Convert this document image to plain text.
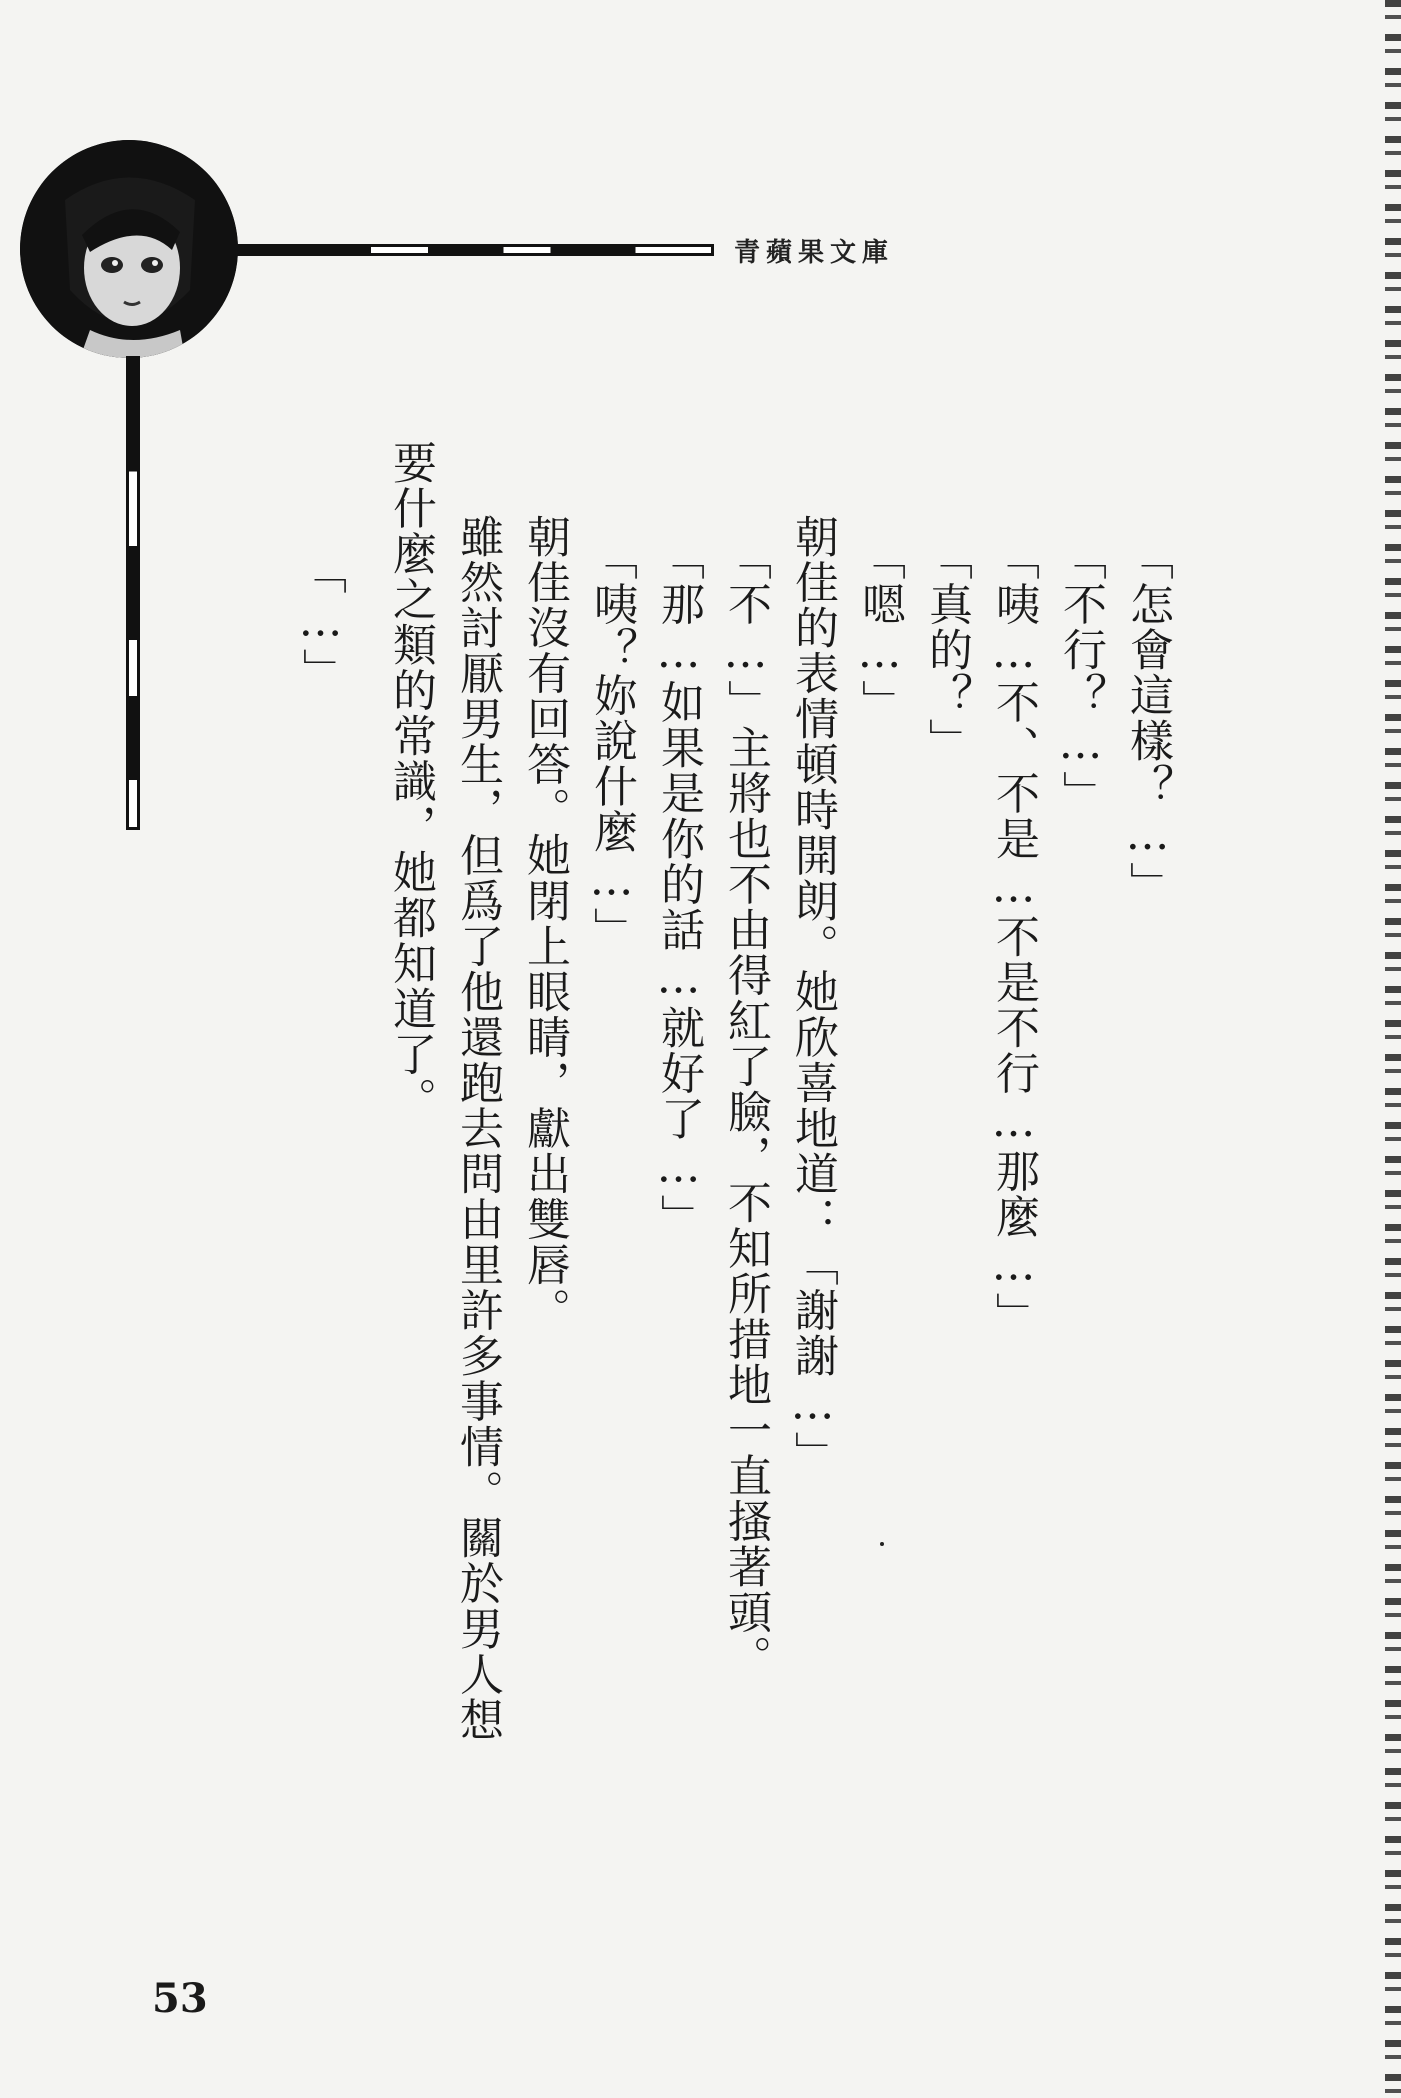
青蘋果文庫
「怎會這樣？…」
「不行？…」
「咦…不、不是…不是不行…那麼…」
「真的？」
「嗯…」
朝佳的表情頓時開朗。她欣喜地道：「謝謝…」
「不…」主將也不由得紅了臉，不知所措地一直搔著頭。
「那…如果是你的話…就好了…」
「咦？妳說什麼…」
朝佳沒有回答。她閉上眼睛，獻出雙唇。
雖然討厭男生，但爲了他還跑去問由里許多事情。關於男人想
要什麼之類的常識，她都知道了。
「…」
53
